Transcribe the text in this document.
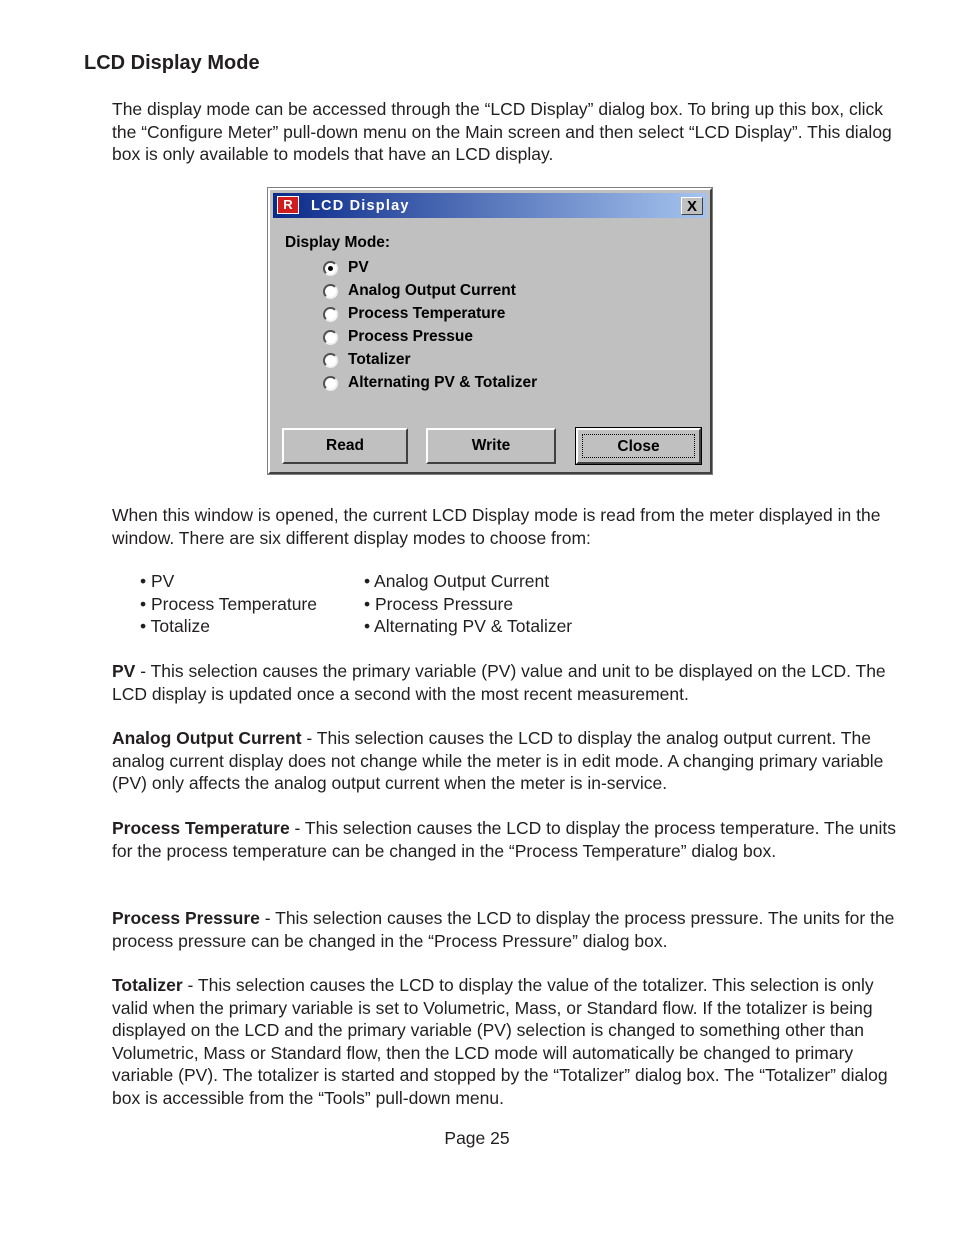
LCD Display Mode
The display mode can be accessed through the “LCD Display” dialog box. To bring up this box, click the “Configure Meter” pull-down menu on the Main screen and then select “LCD Display”. This dialog box is only available to models that have an LCD display.
R	LCD Display	X
Display Mode:
PV
Analog Output Current
Process Temperature
Process Pressue
Totalizer
Alternating PV & Totalizer
Read	Write	Close
When this window is opened, the current LCD Display mode is read from the meter displayed in the window. There are six different display modes to choose from:
• PV
• Process Temperature
• Totalize
• Analog Output Current
• Process Pressure
• Alternating PV & Totalizer
PV - This selection causes the primary variable (PV) value and unit to be displayed on the LCD. The LCD display is updated once a second with the most recent measurement.
Analog Output Current - This selection causes the LCD to display the analog output current. The analog current display does not change while the meter is in edit mode. A changing primary variable (PV) only affects the analog output current when the meter is in-service.
Process Temperature - This selection causes the LCD to display the process temperature. The units for the process temperature can be changed in the “Process Temperature” dialog box.
Process Pressure - This selection causes the LCD to display the process pressure. The units for the process pressure can be changed in the “Process Pressure” dialog box.
Totalizer - This selection causes the LCD to display the value of the totalizer. This selection is only valid when the primary variable is set to Volumetric, Mass, or Standard flow. If the totalizer is being displayed on the LCD and the primary variable (PV) selection is changed to something other than Volumetric, Mass or Standard flow, then the LCD mode will automatically be changed to primary variable (PV). The totalizer is started and stopped by the “Totalizer” dialog box. The “Totalizer” dialog box is accessible from the “Tools” pull-down menu.
Page 25
